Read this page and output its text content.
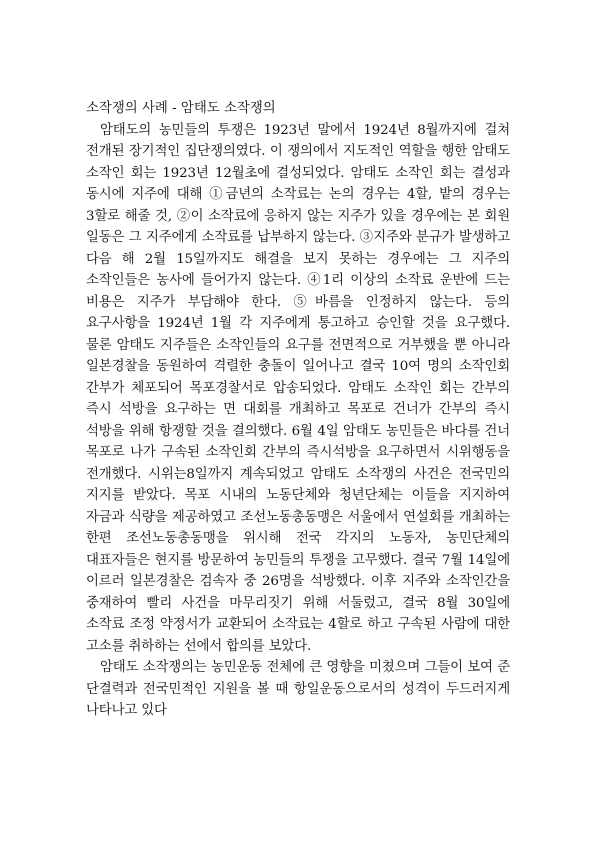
소작쟁의 사례 - 암태도 소작쟁의

암태도의 농민들의 투쟁은 1923년 말에서 1924년 8월까지에 걸쳐 전개된 장기적인 집단쟁의였다. 이 쟁의에서 지도적인 역할을 행한 암태도 소작인 회는 1923년 12월초에 결성되었다. 암태도 소작인 회는 결성과 동시에 지주에 대해 ①금년의 소작료는 논의 경우는 4할, 밭의 경우는 3할로 해줄 것, ②이 소작료에 응하지 않는 지주가 있을 경우에는 본 회원 일동은 그 지주에게 소작료를 납부하지 않는다. ③지주와 분규가 발생하고 다음 해 2월 15일까지도 해결을 보지 못하는 경우에는 그 지주의 소작인들은 농사에 들어가지 않는다. ④1리 이상의 소작료 운반에 드는 비용은 지주가 부담해야 한다. ⑤바름을 인정하지 않는다. 등의 요구사항을 1924년 1월 각 지주에게 통고하고 승인할 것을 요구했다. 물론 암태도 지주들은 소작인들의 요구를 전면적으로 거부했을 뿐 아니라 일본경찰을 동원하여 격렬한 충돌이 일어나고 결국 10여 명의 소작인회 간부가 체포되어 목포경찰서로 압송되었다. 암태도 소작인 회는 간부의 즉시 석방을 요구하는 면 대회를 개최하고 목포로 건너가 간부의 즉시 석방을 위해 항쟁할 것을 결의했다. 6월 4일 암태도 농민들은 바다를 건너 목포로 나가 구속된 소작인회 간부의 즉시석방을 요구하면서 시위행동을 전개했다. 시위는8일까지 계속되었고 암태도 소작쟁의 사건은 전국민의 지지를 받았다. 목포 시내의 노동단체와 청년단체는 이들을 지지하여 자금과 식량을 제공하였고 조선노동총동맹은 서울에서 연설회를 개최하는 한편 조선노동총동맹을 위시해 전국 각지의 노동자, 농민단체의 대표자들은 현지를 방문하여 농민들의 투쟁을 고무했다. 결국 7월 14일에 이르러 일본경찰은 검속자 중 26명을 석방했다. 이후 지주와 소작인간을 중재하여 빨리 사건을 마무리짓기 위해 서둘렀고, 결국 8월 30일에 소작료 조정 약정서가 교환되어 소작료는 4할로 하고 구속된 사람에 대한 고소를 취하하는 선에서 합의를 보았다.

암태도 소작쟁의는 농민운동 전체에 큰 영향을 미쳤으며 그들이 보여 준 단결력과 전국민적인 지원을 볼 때 항일운동으로서의 성격이 두드러지게 나타나고 있다
